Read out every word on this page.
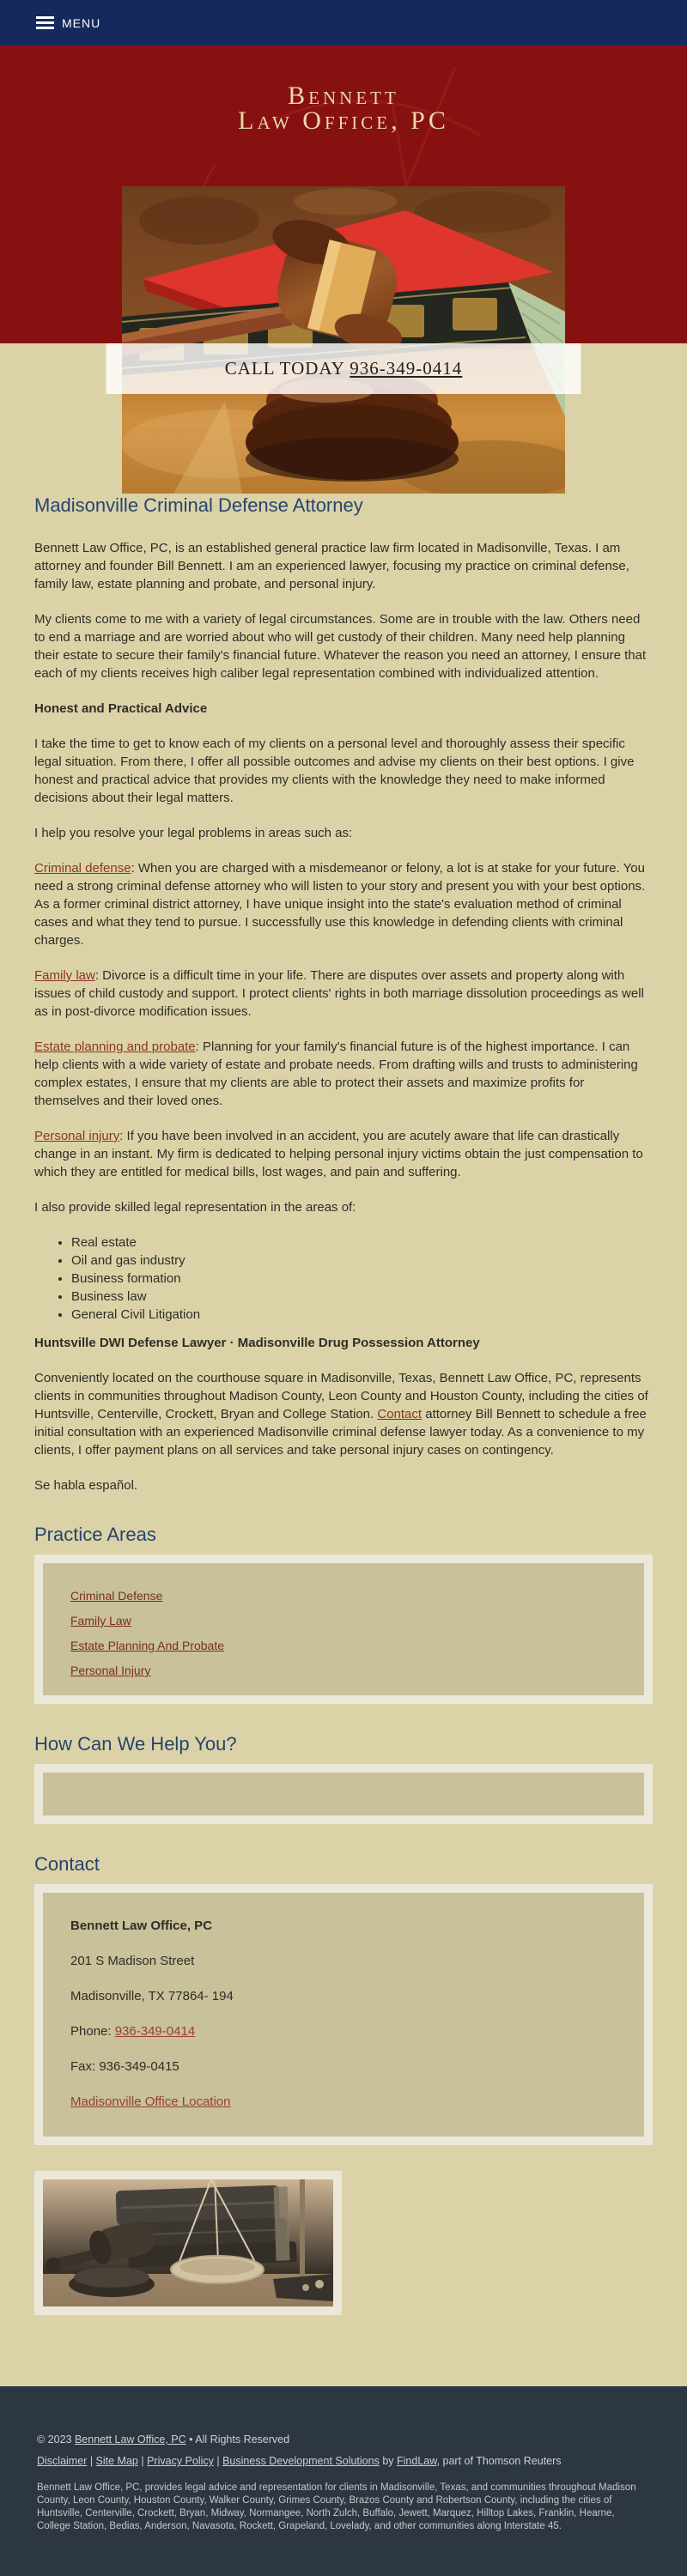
MENU
Bennett
Law Office, PC
CALL TODAY 936-349-0414
Madisonville Criminal Defense Attorney

Bennett Law Office, PC, is an established general practice law firm located in Madisonville, Texas. I am attorney and founder Bill Bennett. I am an experienced lawyer, focusing my practice on criminal defense, family law, estate planning and probate, and personal injury.

My clients come to me with a variety of legal circumstances. Some are in trouble with the law. Others need to end a marriage and are worried about who will get custody of their children. Many need help planning their estate to secure their family's financial future. Whatever the reason you need an attorney, I ensure that each of my clients receives high caliber legal representation combined with individualized attention.

Honest and Practical Advice

I take the time to get to know each of my clients on a personal level and thoroughly assess their specific legal situation. From there, I offer all possible outcomes and advise my clients on their best options. I give honest and practical advice that provides my clients with the knowledge they need to make informed decisions about their legal matters.

I help you resolve your legal problems in areas such as:

Criminal defense: When you are charged with a misdemeanor or felony, a lot is at stake for your future. You need a strong criminal defense attorney who will listen to your story and present you with your best options. As a former criminal district attorney, I have unique insight into the state's evaluation method of criminal cases and what they tend to pursue. I successfully use this knowledge in defending clients with criminal charges.

Family law: Divorce is a difficult time in your life. There are disputes over assets and property along with issues of child custody and support. I protect clients' rights in both marriage dissolution proceedings as well as in post-divorce modification issues.

Estate planning and probate: Planning for your family's financial future is of the highest importance. I can help clients with a wide variety of estate and probate needs. From drafting wills and trusts to administering complex estates, I ensure that my clients are able to protect their assets and maximize profits for themselves and their loved ones.

Personal injury: If you have been involved in an accident, you are acutely aware that life can drastically change in an instant. My firm is dedicated to helping personal injury victims obtain the just compensation to which they are entitled for medical bills, lost wages, and pain and suffering.

I also provide skilled legal representation in the areas of:

• Real estate
• Oil and gas industry
• Business formation
• Business law
• General Civil Litigation

Huntsville DWI Defense Lawyer · Madisonville Drug Possession Attorney

Conveniently located on the courthouse square in Madisonville, Texas, Bennett Law Office, PC, represents clients in communities throughout Madison County, Leon County and Houston County, including the cities of Huntsville, Centerville, Crockett, Bryan and College Station. Contact attorney Bill Bennett to schedule a free initial consultation with an experienced Madisonville criminal defense lawyer today. As a convenience to my clients, I offer payment plans on all services and take personal injury cases on contingency.

Se habla español.

Practice Areas

Criminal Defense

Family Law

Estate Planning And Probate

Personal Injury

How Can We Help You?
Contact

Bennett Law Office, PC

201 S Madison Street

Madisonville, TX 77864- 194

Phone: 936-349-0414

Fax: 936-349-0415

Madisonville Office Location

© 2023 Bennett Law Office, PC • All Rights Reserved

Disclaimer | Site Map | Privacy Policy | Business Development Solutions by FindLaw, part of Thomson Reuters

Bennett Law Office, PC, provides legal advice and representation for clients in Madisonville, Texas, and communities throughout Madison County, Leon County, Houston County, Walker County, Grimes County, Brazos County and Robertson County, including the cities of Huntsville, Centerville, Crockett, Bryan, Midway, Normangee, North Zulch, Buffalo, Jewett, Marquez, Hilltop Lakes, Franklin, Hearne, College Station, Bedias, Anderson, Navasota, Rockett, Grapeland, Lovelady, and other communities along Interstate 45.
